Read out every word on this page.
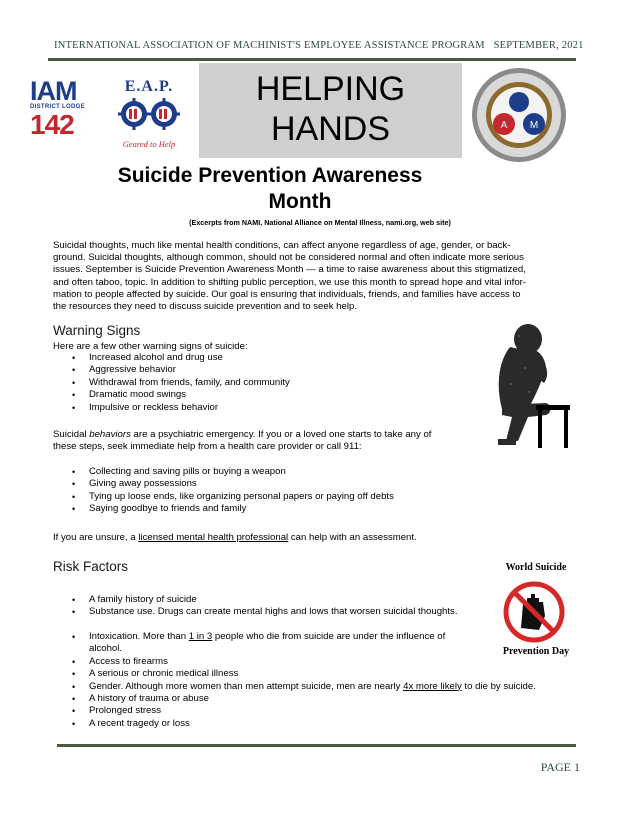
INTERNATIONAL ASSOCIATION OF MACHINIST'S EMPLOYEE ASSISTANCE PROGRAM SEPTEMBER, 2021
IAM
DISTRICT LODGE
142
E.A.P.
Geared to Help
HELPING
HANDS	A M
Suicide Prevention Awareness
Month
(Excerpts from NAMI, National Alliance on Mental Illness, nami.org, web site)
Suicidal thoughts, much like mental health conditions, can affect anyone regardless of age, gender, or back-
ground. Suicidal thoughts, although common, should not be considered normal and often indicate more serious
issues. September is Suicide Prevention Awareness Month — a time to raise awareness about this stigmatized,
and often taboo, topic. In addition to shifting public perception, we use this month to spread hope and vital infor-
mation to people affected by suicide. Our goal is ensuring that individuals, friends, and families have access to
the resources they need to discuss suicide prevention and to seek help.
Warning Signs
Here are a few other warning signs of suicide:
• Increased alcohol and drug use
• Aggressive behavior
• Withdrawal from friends, family, and community
• Dramatic mood swings
• Impulsive or reckless behavior
Suicidal behaviors are a psychiatric emergency. If you or a loved one starts to take any of
these steps, seek immediate help from a health care provider or call 911:
• Collecting and saving pills or buying a weapon
• Giving away possessions
• Tying up loose ends, like organizing personal papers or paying off debts
• Saying goodbye to friends and family
If you are unsure, a licensed mental health professional can help with an assessment.
Risk Factors
• A family history of suicide
• Substance use. Drugs can create mental highs and lows that worsen suicidal thoughts.
• Intoxication. More than 1 in 3 people who die from suicide are under the influence of
alcohol.
• Access to firearms
• A serious or chronic medical illness
• Gender. Although more women than men attempt suicide, men are nearly 4x more likely to die by suicide.
• A history of trauma or abuse
• Prolonged stress
• A recent tragedy or loss
World Suicide
Prevention Day
PAGE 1
